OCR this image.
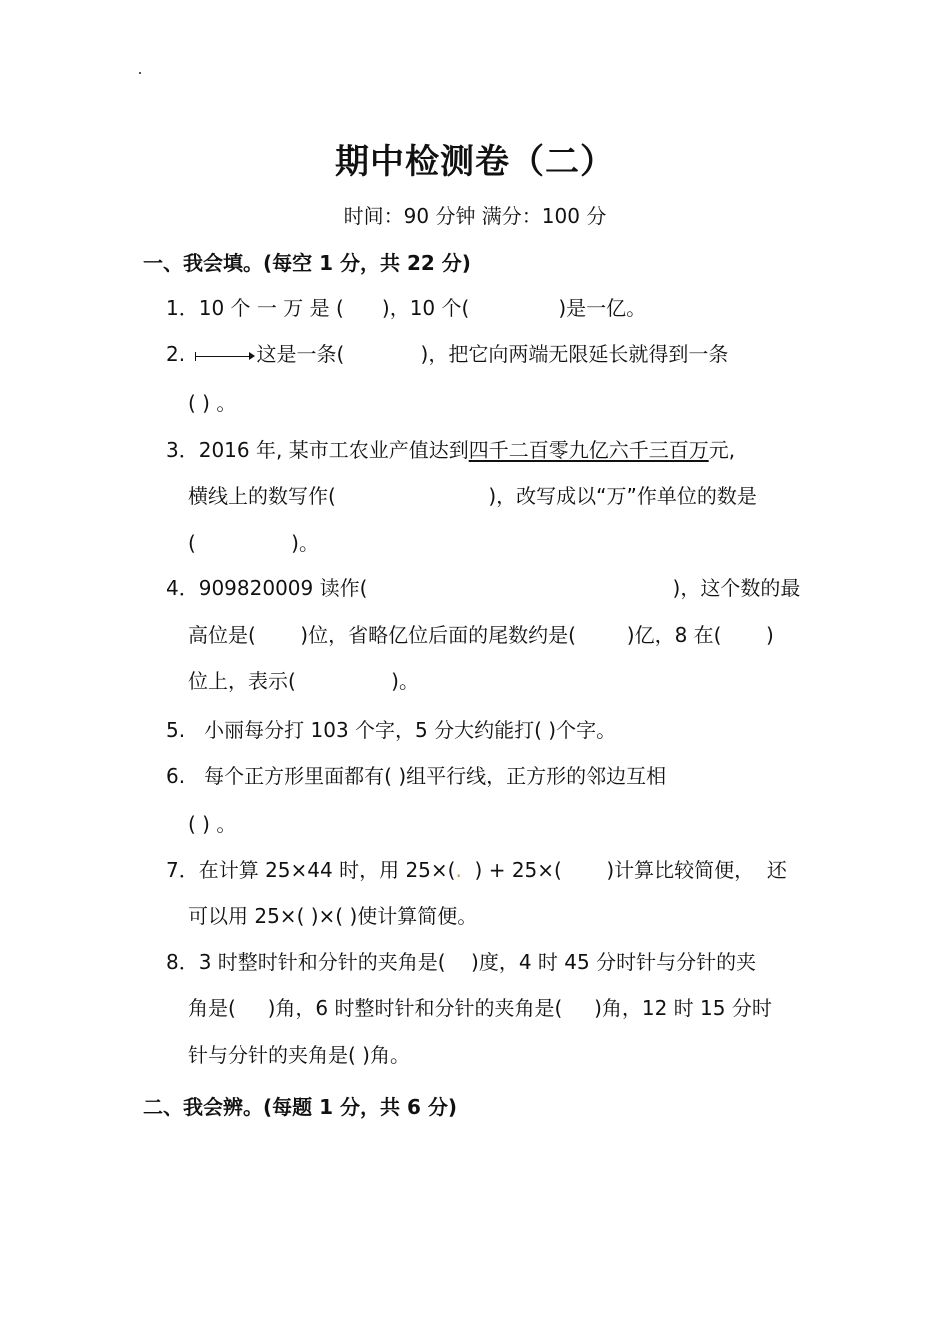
期中检测卷（二）
时间：90 分钟 满分：100 分
一、我会填。(每空 1 分，共 22 分)
1．10 个 一 万 是 (      )，10 个(              )是一亿。
2.	这是一条(            )，把它向两端无限延长就得到一条
( ) 。
3．2016 年, 某市工农业产值达到四千二百零九亿六千三百万元,
横线上的数写作(                        )，改写成以“万”作单位的数是
(               )。
4．909820009 读作(                                                )，这个数的最
高位是(       )位，省略亿位后面的尾数约是(        )亿，8 在(       )
位上，表示(               )。
5.   小丽每分打 103 个字，5 分大约能打( )个字。
6.   每个正方形里面都有( )组平行线，正方形的邻边互相
( ) 。
7．在计算 25×44 时，用 25×(.  ) + 25×(       )计算比较简便，  还
可以用 25×( )×( )使计算简便。
8．3 时整时针和分针的夹角是(    )度，4 时 45 分时针与分针的夹
角是(     )角，6 时整时针和分针的夹角是(     )角，12 时 15 分时
针与分针的夹角是( )角。
二、我会辨。(每题 1 分，共 6 分)
